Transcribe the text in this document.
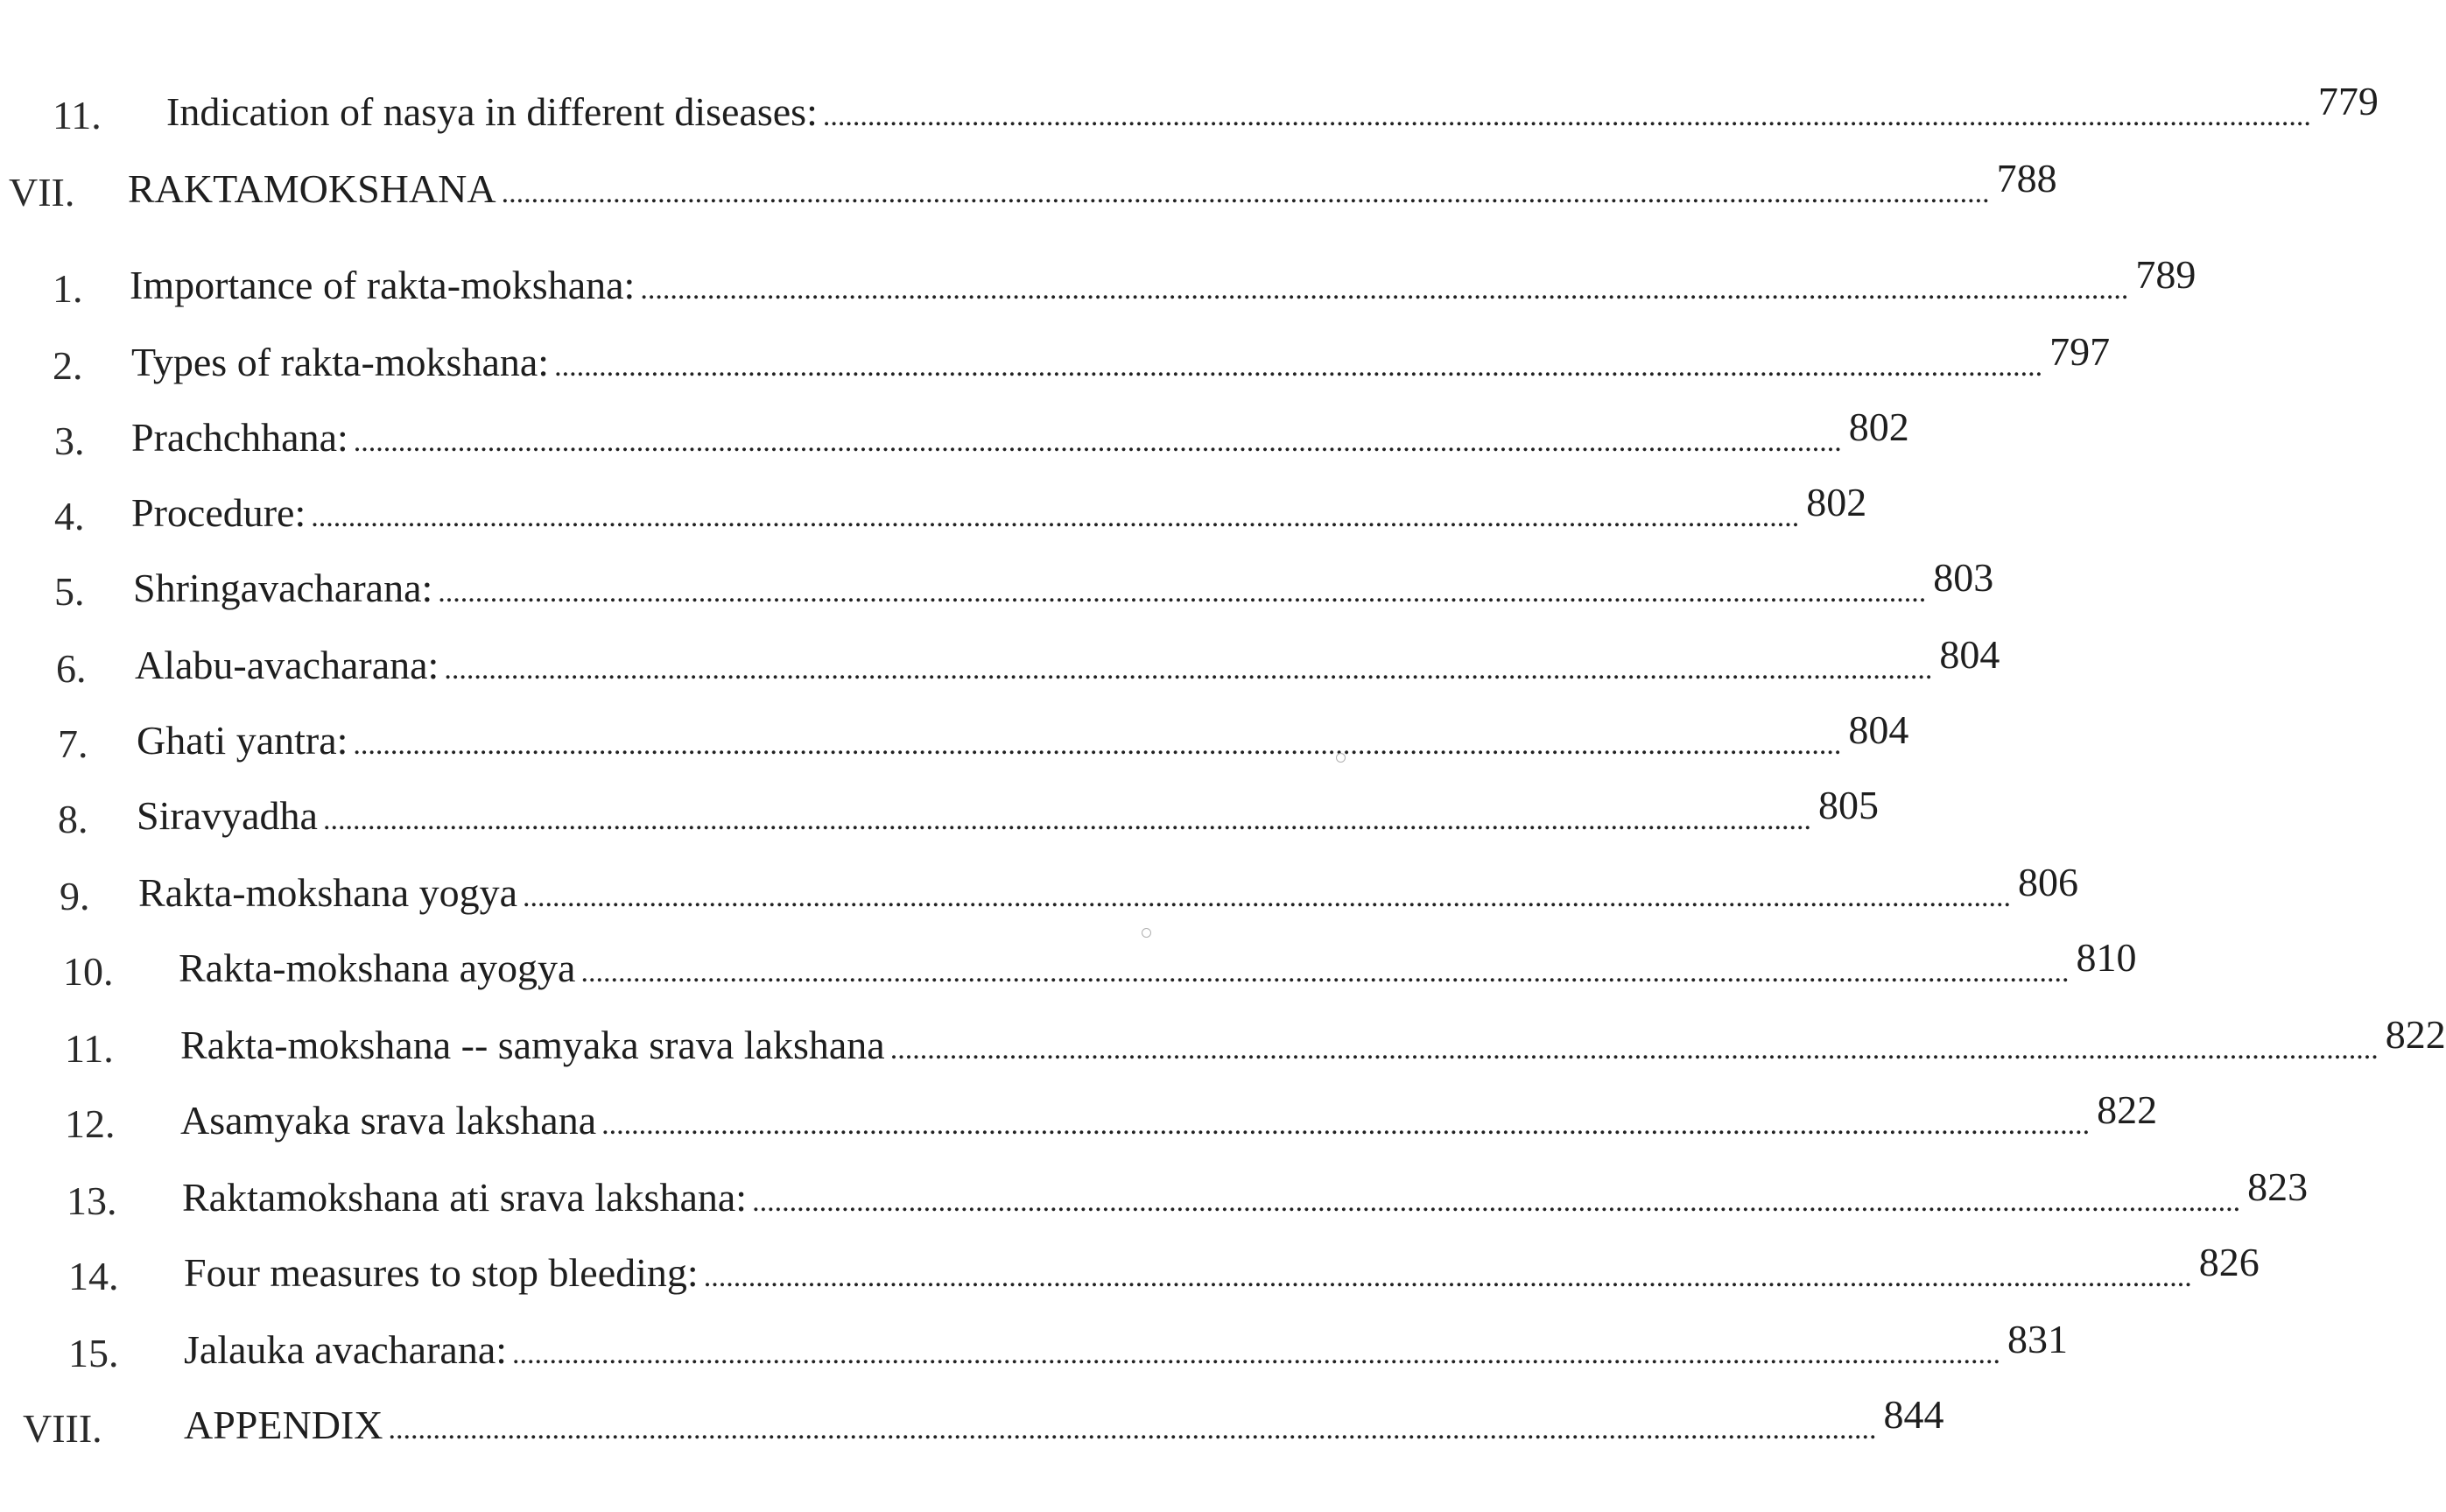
11. Indication of nasya in different diseases: ........................................................................................................................................................................................................ 779
VII. RAKTAMOKSHANA ........................................................................................................................................................................................................ 788
1. Importance of rakta-mokshana: ........................................................................................................................................................................................................ 789
2. Types of rakta-mokshana: ........................................................................................................................................................................................................ 797
3. Prachchhana: ........................................................................................................................................................................................................ 802
4. Procedure: ........................................................................................................................................................................................................ 802
5. Shringavacharana: ........................................................................................................................................................................................................ 803
6. Alabu-avacharana: ........................................................................................................................................................................................................ 804
7. Ghati yantra: ........................................................................................................................................................................................................ 804
8. Siravyadha ........................................................................................................................................................................................................ 805
9. Rakta-mokshana yogya ........................................................................................................................................................................................................ 806
10. Rakta-mokshana ayogya ........................................................................................................................................................................................................ 810
11. Rakta-mokshana -- samyaka srava lakshana ........................................................................................................................................................................................................ 822
12. Asamyaka srava lakshana ........................................................................................................................................................................................................ 822
13. Raktamokshana ati srava lakshana: ........................................................................................................................................................................................................ 823
14. Four measures to stop bleeding: ........................................................................................................................................................................................................ 826
15. Jalauka avacharana: ........................................................................................................................................................................................................ 831
VIII. APPENDIX ........................................................................................................................................................................................................ 844
